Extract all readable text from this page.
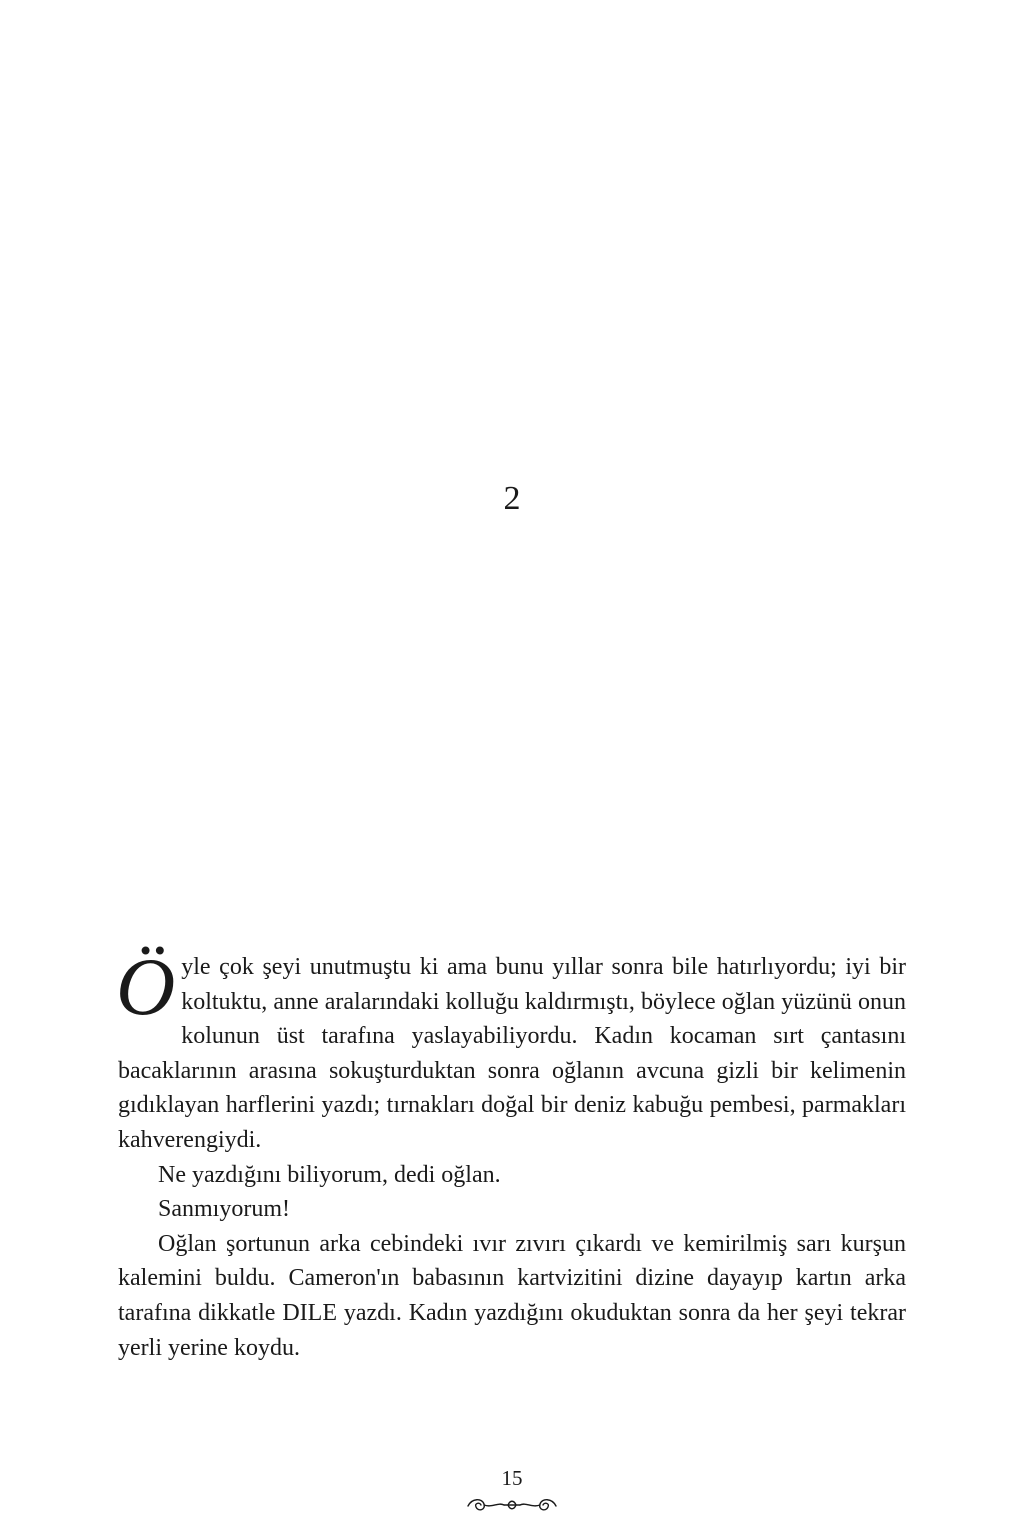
2

Öyle çok şeyi unutmuştu ki ama bunu yıllar sonra bile hatırlıyordu; iyi bir koltuktu, anne aralarındaki kolluğu kaldırmıştı, böylece oğlan yüzünü onun kolunun üst tarafına yaslayabiliyordu. Kadın kocaman sırt çantasını bacaklarının arasına sokuşturduktan sonra oğlanın avcuna gizli bir kelimenin gıdıklayan harflerini yazdı; tırnakları doğal bir deniz kabuğu pembesi, parmakları kahverengiydi.

Ne yazdığını biliyorum, dedi oğlan.

Sanmıyorum!

Oğlan şortunun arka cebindeki ıvır zıvırı çıkardı ve kemirilmiş sarı kurşun kalemini buldu. Cameron'ın babasının kartvizitini dizine dayayıp kartın arka tarafına dikkatle DILE yazdı. Kadın yazdığını okuduktan sonra da her şeyi tekrar yerli yerine koydu.

15
